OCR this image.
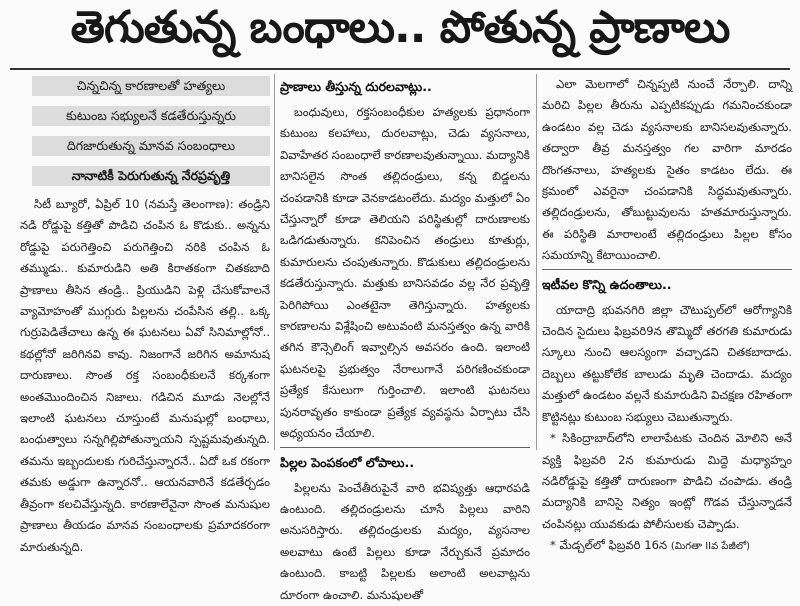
తెగుతున్న బంధాలు.. పోతున్న ప్రాణాలు
చిన్నచిన్న కారణాలతో హత్యలు
కుటుంబ సభ్యులనే కడతేరుస్తున్నరు
దిగజారుతున్న మానవ సంబంధాలు
నానాటికీ పెరుగుతున్న నేరప్రవృత్తి

సిటీ బ్యూరో, ఏప్రిల్ 10 (నమస్తే తెలంగాణ): తండ్రిని నడి రోడ్డుపై కత్తితో పొడిచి చంపిన ఓ కొడుకు.. అన్నను రోడ్డుపై పరుగెత్తించి పరుగెత్తించి నరికి చంపిన ఓ తమ్ముడు.. కుమారుడిని అతి కిరాతకంగా చితకబాది ప్రాణాలు తీసిన తండ్రి.. ప్రియుడిని పెళ్లి చేసుకోవాలనే వ్యామోహంతో ముగ్గురు పిల్లలను చంపేసిన తల్లి.. ఒక్క గుర్రుపెడితేచాలు ఉన్న ఈ ఘటనలు ఏవో సినిమాల్లోనో.. కథల్లోనో జరిగినవి కావు. నిజంగానే జరిగిన అమానుష దారుణాలు. సొంత రక్త సంబంధీకులనే కర్కశంగా అంతమొందించిన నిజాలు. గడిచిన మూడు నెలల్లోనే ఇలాంటి ఘటనలు చూస్తుంటే మనుషుల్లో బంధాలు, బంధుత్వాలు సన్నగిల్లిపోతున్నాయని స్పష్టమవుతున్నది. తమను ఇబ్బందులకు గురిచేస్తున్నారనే.. ఏదో ఒక రకంగా తమకు అడ్డుగా ఉన్నారనో.. ఆయనవారినే కడతేర్చడం తీవ్రంగా కలచివేస్తున్నది. కారణాలేవైనా సొంత మనుషుల ప్రాణాలు తీయడం మానవ సంబంధాలకు ప్రమాదకరంగా మారుతున్నది.

ప్రాణాలు తీస్తున్న దురలవాట్లు..

బంధువులు, రక్తసంబంధీకుల హత్యలకు ప్రధానంగా కుటుంబ కలహాలు, దురలవాట్లు, చెడు వ్యసనాలు, వివాహేతర సంబంధాలే కారణాలవుతున్నాయి. మద్యానికి బానిసలైన సొంత తల్లిదండ్రులు, కన్న బిడ్డలను చంపడానికి కూడా వెనకాడటంలేదు. మద్యం మత్తులో ఏం చేస్తున్నారో కూడా తెలియని పరిస్థితుల్లో దారుణాలకు ఒడిగడుతున్నారు. కనిపెంచిన తండ్రులు కూతుర్లు, కుమారులను చంపుతున్నారు. కొడుకులు తల్లిదండ్రులను కడతేరుస్తున్నారు. మత్తుకు బానిసవడం వల్ల నేర ప్రవృత్తి పెరిగిపోయి ఎంతటైనా తెగిస్తున్నారు. హత్యలకు కారణాలను విశ్లేషించి అటువంటి మనస్తత్వం ఉన్న వారికి తగిన కౌన్సెలింగ్ ఇవ్వాల్సిన అవసరం ఉంది. ఇలాంటి ఘటనలపై ప్రభుత్వం నేరాలుగానే పరిగణించకుండా ప్రత్యేక కేసులుగా గుర్తించాలి. ఇలాంటి ఘటనలు పునరావృతం కాకుండా ప్రత్యేక వ్యవస్థను ఏర్పాటు చేసి అధ్యయనం చేయాలి.

పిల్లల పెంపకంలో లోపాలు..

పిల్లలను పెంచేతీరుపైనే వారి భవిష్యత్తు ఆధారపడి ఉంటుంది. తల్లిదండ్రులను చూసే పిల్లలు వారిని అనుసరిస్తారు. తల్లిదండ్రులకు మద్యం, వ్యసనాల అలవాటు ఉంటే పిల్లలు కూడా నేర్చుకునే ప్రమాదం ఉంటుంది. కాబట్టి పిల్లలకు అలాంటి అలవాట్లను దూరంగా ఉంచాలి. మనుషులతో

ఎలా మెలగాలో చిన్నప్పటి నుంచే నేర్పాలి. దాన్ని మరిచి పిల్లల తీరును ఎప్పటికప్పుడు గమనించకుండా ఉండటం వల్ల చెడు వ్యసనాలకు బానిసలవుతున్నారు. తద్వారా తీవ్ర మనస్తత్వం గల వారిగా మారడం దొంగతనాలు, హత్యలకు సైతం కాడటం లేదు. ఈ క్రమంలో ఎవరైనా చంపడానికి సిద్ధమవుతున్నారు. తల్లిదండ్రులను, తోబుట్టువులను హతమారుస్తున్నారు. ఈ పరిస్థితి మారాలంటే తల్లిదండ్రులు పిల్లల కోసం సమయాన్ని కేటాయించాలి.

ఇటీవల కొన్ని ఉదంతాలు..

యాదాద్రి భువనగిరి జిల్లా చౌటుప్పల్‌లో ఆరోగ్యానికి చెందిన సైదులు ఫిబ్రవరి9న తొమ్మిదో తరగతి కుమారుడు స్కూలు నుంచి ఆలస్యంగా వచ్చాడని చితకబాదాడు. దెబ్బలు తట్టుకోలేక బాలుడు మృతి చెందాడు. మద్యం మత్తులో ఉండటం వల్లనే కుమారుడిని విచక్షణ రహితంగా కొట్టినట్లు కుటుంబ సభ్యులు చెబుతున్నారు.

* సికింద్రాబాద్‌లోని లాలాపేటకు చెందిన మోలిని అనే వ్యక్తి ఫిబ్రవరి 2న కుమారుడు మిద్దె మధ్యాహ్నం నడిరోడ్డుపై కత్తితో దారుణంగా పొడిచి చంపాడు. తండ్రి మద్యానికి బానిసై నిత్యం ఇంట్లో గొడవ చేస్తున్నాడనే చంపినట్లు యువకుడు పోలీసులకు చెప్పాడు.
* మేడ్చల్‌లో ఫిబ్రవరి 16న (మిగతా IIవ పేజీలో)
